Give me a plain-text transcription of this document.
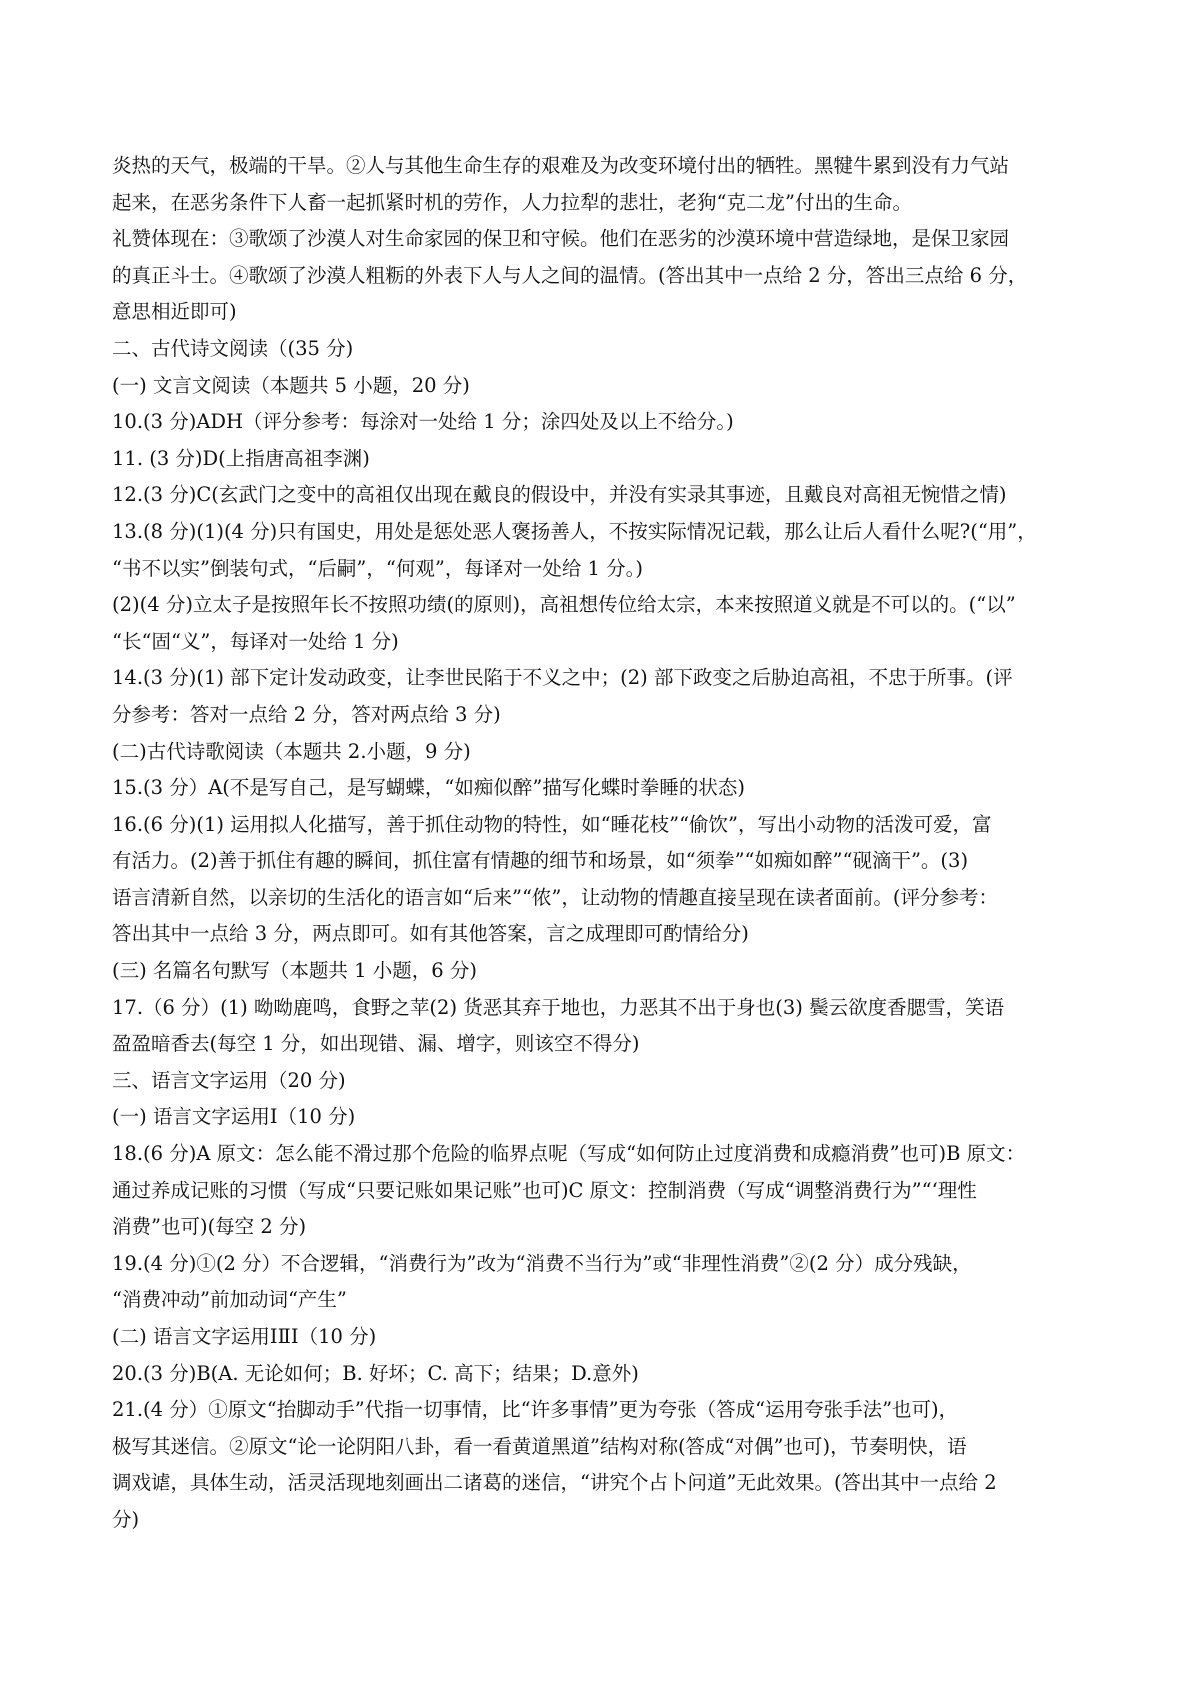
炎热的天气，极端的干旱。②人与其他生命生存的艰难及为改变环境付出的牺牲。黑犍牛累到没有力气站
起来，在恶劣条件下人畜一起抓紧时机的劳作，人力拉犁的悲壮，老狗“克二龙”付出的生命。
礼赞体现在：③歌颂了沙漠人对生命家园的保卫和守候。他们在恶劣的沙漠环境中营造绿地，是保卫家园
的真正斗士。④歌颂了沙漠人粗粝的外表下人与人之间的温情。(答出其中一点给 2 分，答出三点给 6 分，
意思相近即可)
二、古代诗文阅读（(35 分)
(一) 文言文阅读（本题共 5 小题，20 分)
10.(3 分)ADH（评分参考：每涂对一处给 1 分；涂四处及以上不给分。)
11. (3 分)D(上指唐高祖李渊)
12.(3 分)C(玄武门之变中的高祖仅出现在戴良的假设中，并没有实录其事迹，且戴良对高祖无惋惜之情)
13.(8 分)(1)(4 分)只有国史，用处是惩处恶人褒扬善人，不按实际情况记载，那么让后人看什么呢?(“用”，
“书不以实”倒装句式，“后嗣”，“何观”，每译对一处给 1 分。)
(2)(4 分)立太子是按照年长不按照功绩(的原则)，高祖想传位给太宗，本来按照道义就是不可以的。(“以”
“长“固“义”，每译对一处给 1 分)
14.(3 分)(1) 部下定计发动政变，让李世民陷于不义之中；(2) 部下政变之后胁迫高祖，不忠于所事。(评
分参考：答对一点给 2 分，答对两点给 3 分)
(二)古代诗歌阅读（本题共 2.小题，9 分)
15.(3 分）A(不是写自己，是写蝴蝶，“如痴似醉”描写化蝶时拳睡的状态)
16.(6 分)(1) 运用拟人化描写，善于抓住动物的特性，如“睡花枝”“偷饮”，写出小动物的活泼可爱，富
有活力。(2)善于抓住有趣的瞬间，抓住富有情趣的细节和场景，如“须拳”“如痴如醉”“砚滴干”。(3)
语言清新自然，以亲切的生活化的语言如“后来”“侬”，让动物的情趣直接呈现在读者面前。(评分参考：
答出其中一点给 3 分，两点即可。如有其他答案，言之成理即可酌情给分)
(三) 名篇名句默写（本题共 1 小题，6 分)
17.（6 分）(1) 呦呦鹿鸣，食野之苹(2) 货恶其弃于地也，力恶其不出于身也(3) 鬓云欲度香腮雪，笑语
盈盈暗香去(每空 1 分，如出现错、漏、增字，则该空不得分)
三、语言文字运用（20 分)
(一) 语言文字运用Ⅰ（10 分)
18.(6 分)A 原文：怎么能不滑过那个危险的临界点呢（写成“如何防止过度消费和成瘾消费”也可)B 原文：
通过养成记账的习惯（写成“只要记账如果记账”也可)C 原文：控制消费（写成“调整消费行为”“‘理性
消费”也可)(每空 2 分)
19.(4 分)①(2 分）不合逻辑，“消费行为”改为“消费不当行为”或“非理性消费”②(2 分）成分残缺，
“消费冲动”前加动词“产生”
(二) 语言文字运用ⅠⅡⅠ（10 分)
20.(3 分)B(A. 无论如何；B. 好坏；C. 高下；结果；D.意外)
21.(4 分）①原文“抬脚动手”代指一切事情，比“许多事情”更为夸张（答成“运用夸张手法”也可)，
极写其迷信。②原文“论一论阴阳八卦，看一看黄道黑道”结构对称(答成“对偶”也可)，节奏明快，语
调戏谑，具体生动，活灵活现地刻画出二诸葛的迷信，“讲究个占卜问道”无此效果。(答出其中一点给 2
分)
